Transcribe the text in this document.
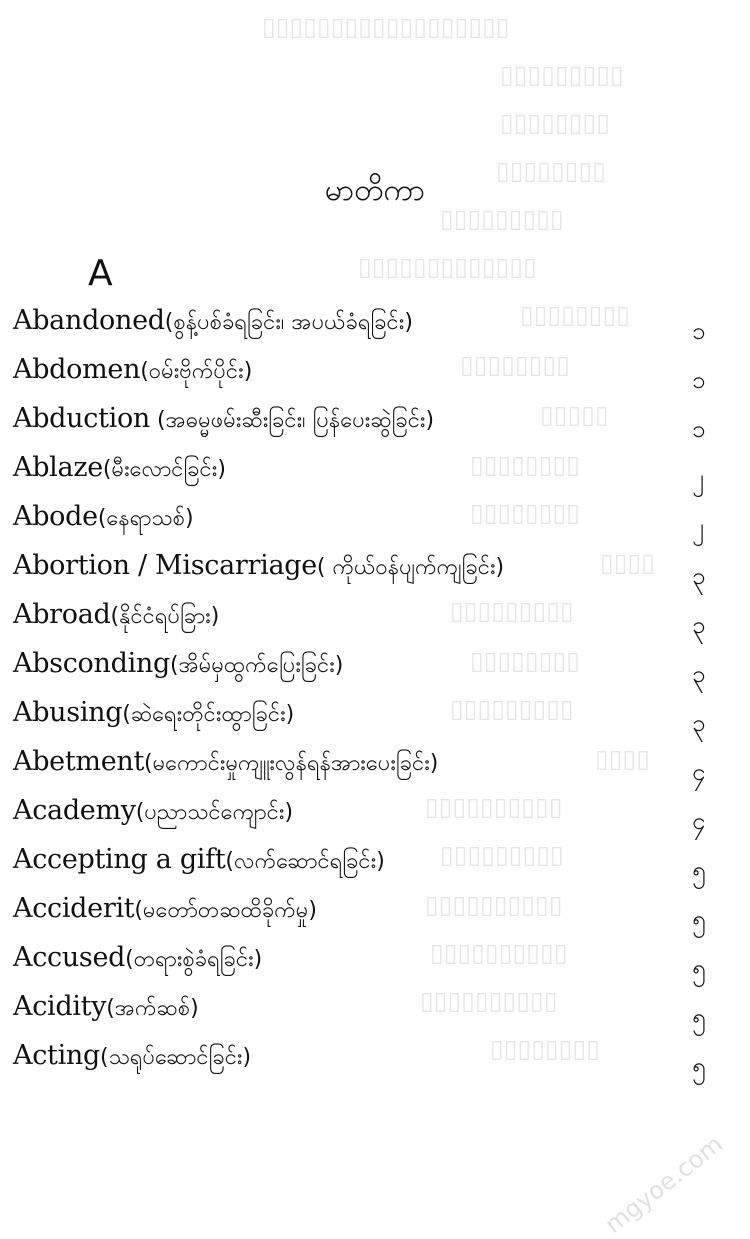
▯▯▯▯▯▯▯▯▯▯▯▯▯▯▯▯▯▯
▯▯▯▯▯▯▯▯▯
▯▯▯▯▯▯▯▯
▯▯▯▯▯▯▯▯
▯▯▯▯▯▯▯▯▯
▯▯▯▯▯▯▯▯▯▯▯▯▯
▯▯▯▯▯▯▯▯
▯▯▯▯▯▯▯▯
▯▯▯▯▯
▯▯▯▯▯▯▯▯
▯▯▯▯▯▯▯▯
▯▯▯▯
▯▯▯▯▯▯▯▯▯
▯▯▯▯▯▯▯▯
▯▯▯▯▯▯▯▯▯
▯▯▯▯
▯▯▯▯▯▯▯▯▯▯
▯▯▯▯▯▯▯▯▯
▯▯▯▯▯▯▯▯▯▯
▯▯▯▯▯▯▯▯▯▯
▯▯▯▯▯▯▯▯▯▯
▯▯▯▯▯▯▯▯
မာတိကာ
A
Abandoned(စွန့်ပစ်ခံရခြင်း၊ အပယ်ခံရခြင်း)	၁
Abdomen(ဝမ်းဗိုက်ပိုင်း)	၁
Abduction (အဓမ္မဖမ်းဆီးခြင်း၊ ပြန်ပေးဆွဲခြင်း)	၁
Ablaze(မီးလောင်ခြင်း)	၂
Abode(နေရာသစ်)	၂
Abortion / Miscarriage( ကိုယ်ဝန်ပျက်ကျခြင်း)	၃
Abroad(နိုင်ငံရပ်ခြား)	၃
Absconding(အိမ်မှထွက်ပြေးခြင်း)	၃
Abusing(ဆဲရေးတိုင်းထွာခြင်း)	၃
Abetment(မကောင်းမှုကျူးလွန်ရန်အားပေးခြင်း)	၄
Academy(ပညာသင်ကျောင်း)	၄
Accepting a gift(လက်ဆောင်ရခြင်း)	၅
Acciderit(မတော်တဆထိခိုက်မှု)	၅
Accused(တရားစွဲခံရခြင်း)	၅
Acidity(အက်ဆစ်)	၅
Acting(သရုပ်ဆောင်ခြင်း)	၅
mgyoe.com
